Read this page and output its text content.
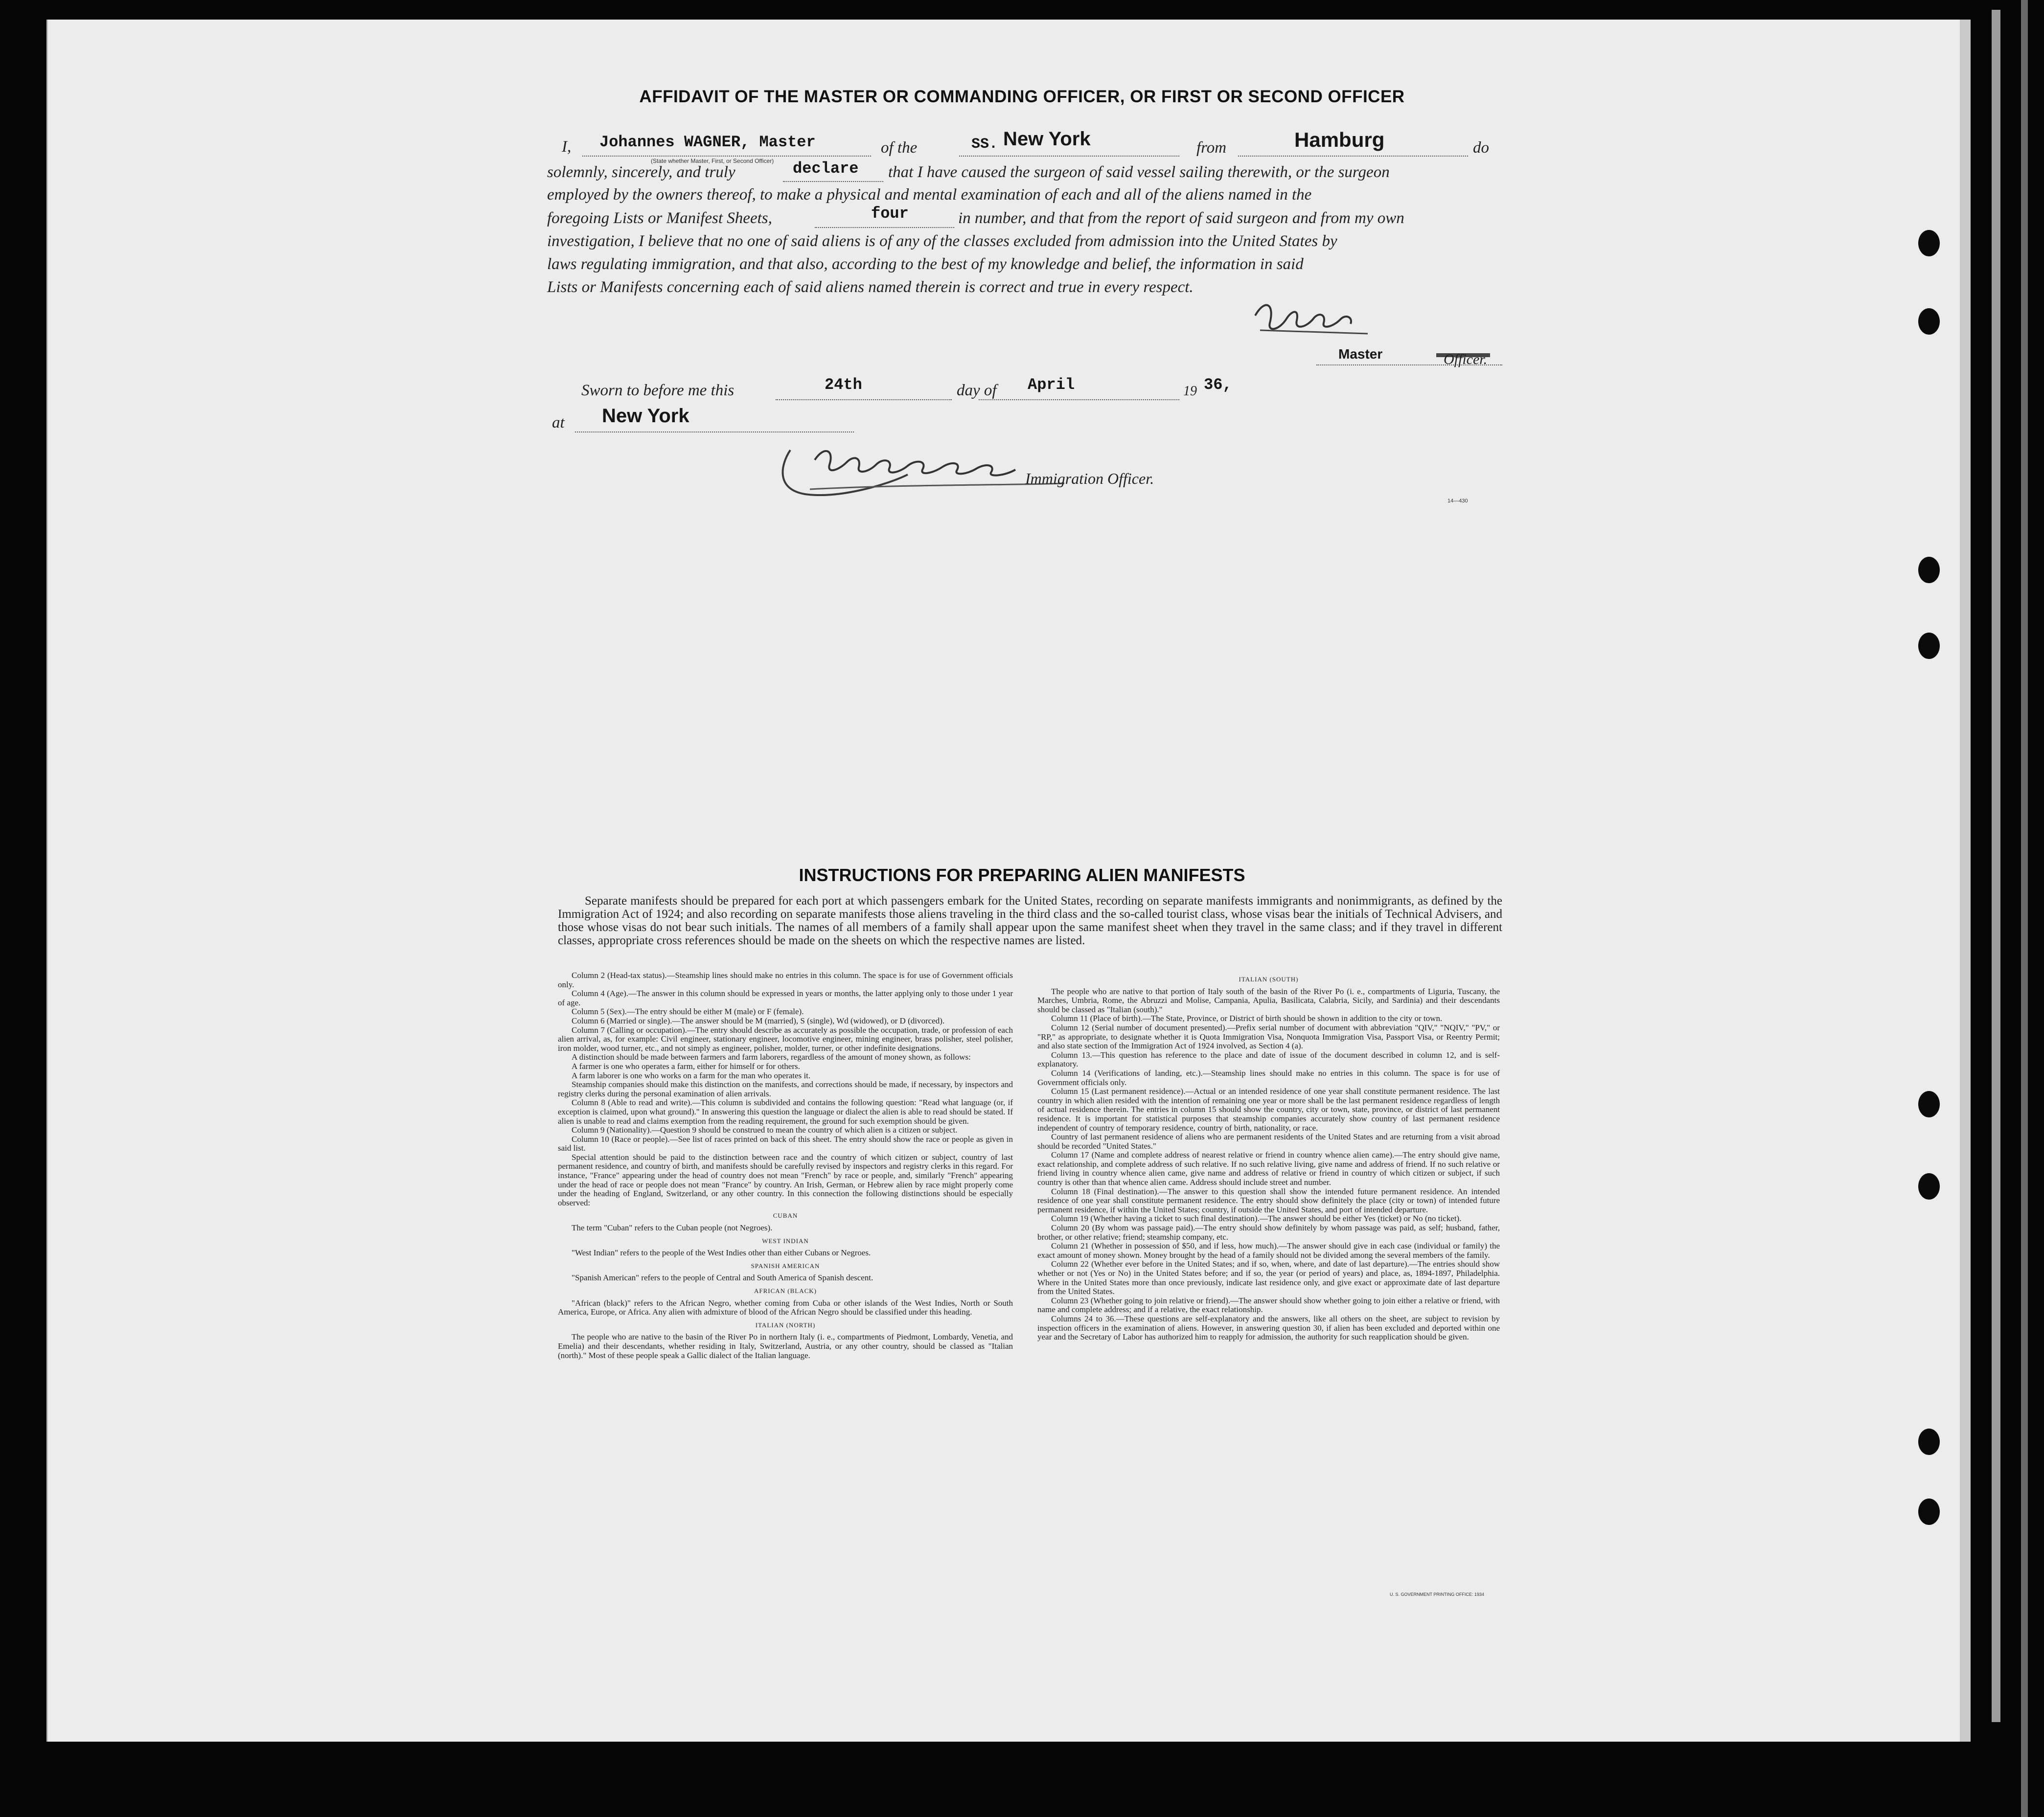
AFFIDAVIT OF THE MASTER OR COMMANDING OFFICER, OR FIRST OR SECOND OFFICER
I, Johannes WAGNER, Master
(State whether Master, First, or Second Officer)
of the	SS. New York	from	Hamburg	do
solemnly, sincerely, and truly	declare that I have caused the surgeon of said vessel sailing therewith, or the surgeon
employed by the owners thereof, to make a physical and mental examination of each and all of the aliens named in the
foregoing Lists or Manifest Sheets,	four	in number, and that from the report of said surgeon and from my own
investigation, I believe that no one of said aliens is of any of the classes excluded from admission into the United States by
laws regulating immigration, and that also, according to the best of my knowledge and belief, the information in said
Lists or Manifests concerning each of said aliens named therein is correct and true in every respect.
Master	Officer.
Sworn to before me this	24th	day of April	19 36,
at New York
Immigration Officer.
14—430
INSTRUCTIONS FOR PREPARING ALIEN MANIFESTS
Separate manifests should be prepared for each port at which passengers embark for the United States, recording on separate manifests immigrants and nonimmigrants, as defined by the Immigration Act of 1924; and also recording on separate manifests those aliens traveling in the third class and the so-called tourist class, whose visas bear the initials of Technical Advisers, and those whose visas do not bear such initials. The names of all members of a family shall appear upon the same manifest sheet when they travel in the same class; and if they travel in different classes, appropriate cross references should be made on the sheets on which the respective names are listed.

Column 2 (Head-tax status).—Steamship lines should make no entries in this column. The space is for use of Government officials only.

Column 4 (Age).—The answer in this column should be expressed in years or months, the latter applying only to those under 1 year of age.

Column 5 (Sex).—The entry should be either M (male) or F (female).

Column 6 (Married or single).—The answer should be M (married), S (single), Wd (widowed), or D (divorced).

Column 7 (Calling or occupation).—The entry should describe as accurately as possible the occupation, trade, or profession of each alien arrival, as, for example: Civil engineer, stationary engineer, locomotive engineer, mining engineer, brass polisher, steel polisher, iron molder, wood turner, etc., and not simply as engineer, polisher, molder, turner, or other indefinite designations.

A distinction should be made between farmers and farm laborers, regardless of the amount of money shown, as follows:

A farmer is one who operates a farm, either for himself or for others.

A farm laborer is one who works on a farm for the man who operates it.

Steamship companies should make this distinction on the manifests, and corrections should be made, if necessary, by inspectors and registry clerks during the personal examination of alien arrivals.

Column 8 (Able to read and write).—This column is subdivided and contains the following question: "Read what language (or, if exception is claimed, upon what ground)." In answering this question the language or dialect the alien is able to read should be stated. If alien is unable to read and claims exemption from the reading requirement, the ground for such exemption should be given.

Column 9 (Nationality).—Question 9 should be construed to mean the country of which alien is a citizen or subject.

Column 10 (Race or people).—See list of races printed on back of this sheet. The entry should show the race or people as given in said list.

Special attention should be paid to the distinction between race and the country of which citizen or subject, country of last permanent residence, and country of birth, and manifests should be carefully revised by inspectors and registry clerks in this regard. For instance, "France" appearing under the head of country does not mean "French" by race or people, and, similarly "French" appearing under the head of race or people does not mean "France" by country. An Irish, German, or Hebrew alien by race might properly come under the heading of England, Switzerland, or any other country. In this connection the following distinctions should be especially observed:

CUBAN

The term "Cuban" refers to the Cuban people (not Negroes).

WEST INDIAN

"West Indian" refers to the people of the West Indies other than either Cubans or Negroes.

SPANISH AMERICAN

"Spanish American" refers to the people of Central and South America of Spanish descent.

AFRICAN (BLACK)

"African (black)" refers to the African Negro, whether coming from Cuba or other islands of the West Indies, North or South America, Europe, or Africa. Any alien with admixture of blood of the African Negro should be classified under this heading.

ITALIAN (NORTH)

The people who are native to the basin of the River Po in northern Italy (i. e., compartments of Piedmont, Lombardy, Venetia, and Emelia) and their descendants, whether residing in Italy, Switzerland, Austria, or any other country, should be classed as "Italian (north)." Most of these people speak a Gallic dialect of the Italian language.

ITALIAN (SOUTH)

The people who are native to that portion of Italy south of the basin of the River Po (i. e., compartments of Liguria, Tuscany, the Marches, Umbria, Rome, the Abruzzi and Molise, Campania, Apulia, Basilicata, Calabria, Sicily, and Sardinia) and their descendants should be classed as "Italian (south)."

Column 11 (Place of birth).—The State, Province, or District of birth should be shown in addition to the city or town.

Column 12 (Serial number of document presented).—Prefix serial number of document with abbreviation "QIV," "NQIV," "PV," or "RP," as appropriate, to designate whether it is Quota Immigration Visa, Nonquota Immigration Visa, Passport Visa, or Reentry Permit; and also state section of the Immigration Act of 1924 involved, as Section 4 (a).

Column 13.—This question has reference to the place and date of issue of the document described in column 12, and is self-explanatory.

Column 14 (Verifications of landing, etc.).—Steamship lines should make no entries in this column. The space is for use of Government officials only.

Column 15 (Last permanent residence).—Actual or an intended residence of one year shall constitute permanent residence. The last country in which alien resided with the intention of remaining one year or more shall be the last permanent residence regardless of length of actual residence therein. The entries in column 15 should show the country, city or town, state, province, or district of last permanent residence. It is important for statistical purposes that steamship companies accurately show country of last permanent residence independent of country of temporary residence, country of birth, nationality, or race.

Country of last permanent residence of aliens who are permanent residents of the United States and are returning from a visit abroad should be recorded "United States."

Column 17 (Name and complete address of nearest relative or friend in country whence alien came).—The entry should give name, exact relationship, and complete address of such relative. If no such relative living, give name and address of friend. If no such relative or friend living in country whence alien came, give name and address of relative or friend in country of which citizen or subject, if such country is other than that whence alien came. Address should include street and number.

Column 18 (Final destination).—The answer to this question shall show the intended future permanent residence. An intended residence of one year shall constitute permanent residence. The entry should show definitely the place (city or town) of intended future permanent residence, if within the United States; country, if outside the United States, and port of intended departure.

Column 19 (Whether having a ticket to such final destination).—The answer should be either Yes (ticket) or No (no ticket).

Column 20 (By whom was passage paid).—The entry should show definitely by whom passage was paid, as self; husband, father, brother, or other relative; friend; steamship company, etc.

Column 21 (Whether in possession of $50, and if less, how much).—The answer should give in each case (individual or family) the exact amount of money shown. Money brought by the head of a family should not be divided among the several members of the family.

Column 22 (Whether ever before in the United States; and if so, when, where, and date of last departure).—The entries should show whether or not (Yes or No) in the United States before; and if so, the year (or period of years) and place, as, 1894-1897, Philadelphia. Where in the United States more than once previously, indicate last residence only, and give exact or approximate date of last departure from the United States.

Column 23 (Whether going to join relative or friend).—The answer should show whether going to join either a relative or friend, with name and complete address; and if a relative, the exact relationship.

Columns 24 to 36.—These questions are self-explanatory and the answers, like all others on the sheet, are subject to revision by inspection officers in the examination of aliens. However, in answering question 30, if alien has been excluded and deported within one year and the Secretary of Labor has authorized him to reapply for admission, the authority for such reapplication should be given.

U. S. GOVERNMENT PRINTING OFFICE: 1934
